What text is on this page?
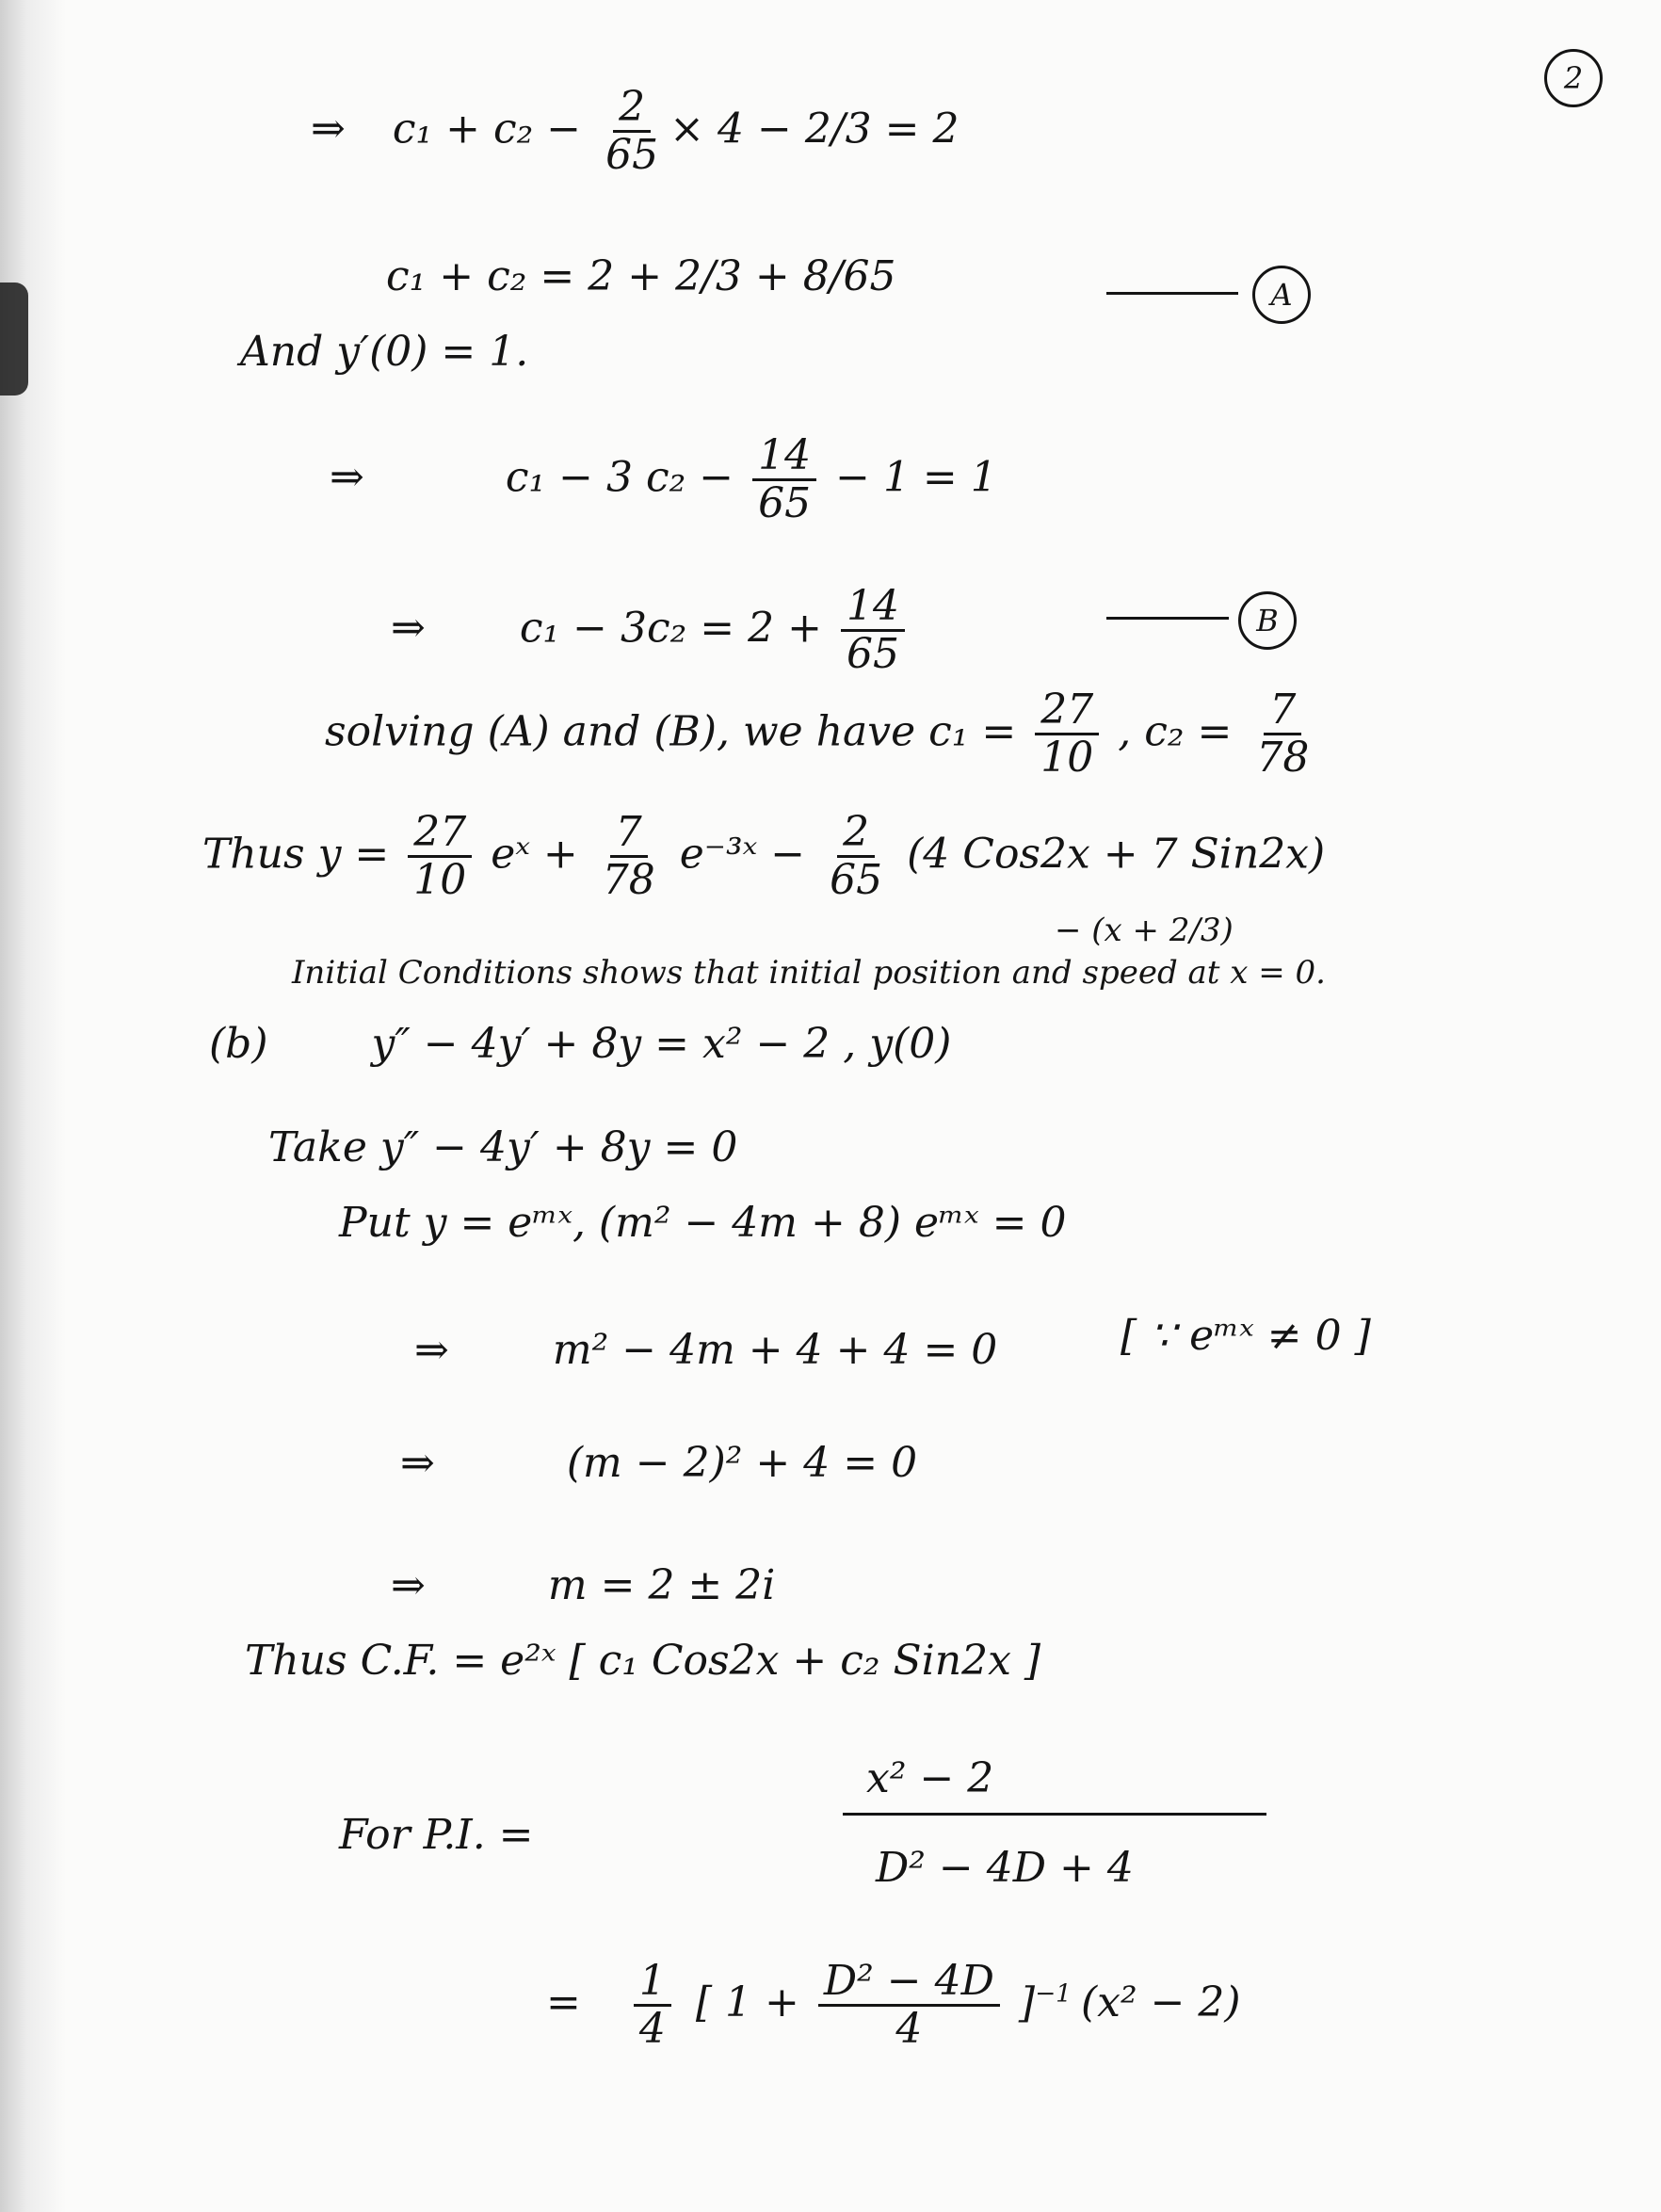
2
⇒ $c_1 + c_2 - \frac{2}{65} \times 4 - 2/3 = 2$
c₁ + c₂ = 2 + 2/3 + 8/65	A
And y′(0) = 1.
⇒	c₁ − 3 $c_2 - \frac{14}{65} - 1 = 1$
⇒ $c_1 - 3c_2 = 2 + \frac{14}{65}$	B
solving (A) and (B), we have $c_1 = \frac{27}{10}$ , $c_2 = \frac{7}{78}$
Thus $y = \frac{27}{10}$ eˣ + $\frac{7}{78}$ e⁻³ˣ − $\frac{2}{65} (4$ Cos2x + 7 Sin2x)
− (x + 2/3)
Initial Conditions shows that initial position and speed at x = 0.
(b)	y″ − 4y′ + 8y = x² − 2 , y(0)
Take y″ − 4y′ + 8y = 0
Put y = eᵐˣ, (m² − 4m + 8) eᵐˣ = 0
⇒	m² − 4m + 4 + 4 = 0	[ ∵ eᵐˣ ≠ 0 ]
⇒	(m − 2)² + 4 = 0
⇒	m = 2 ± 2i
Thus C.F. = e²ˣ [ c₁ Cos2x + c₂ Sin2x ]
For P.I. =
x² − 2
D² − 4D + 4
= $\frac{1}{4}$ [ $1 + \frac{\text{D² − 4D}}{4} ]^{-1}$ (x² − 2)
